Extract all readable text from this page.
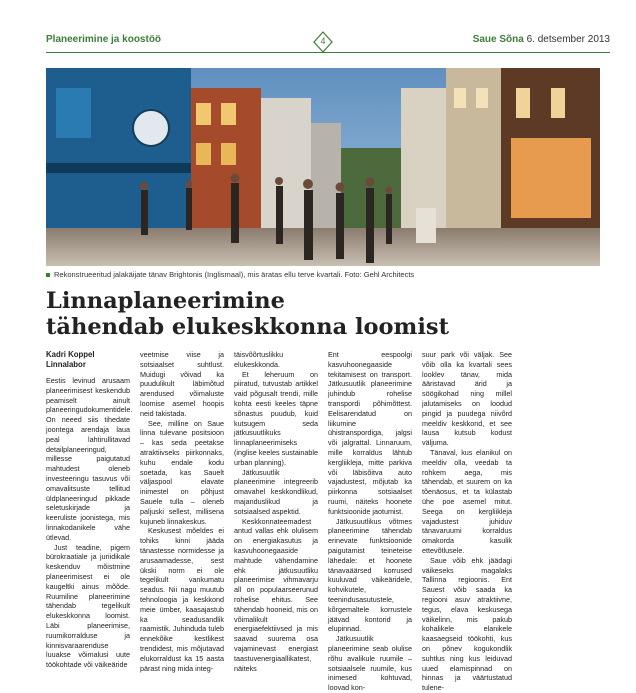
Planeerimine ja koostöö	4	Saue Sõna 6. detsember 2013
Rekonstrueeritud jalakäijate tänav Brightonis (Inglismaal), mis äratas ellu terve kvartali. Foto: Gehl Architects
Linnaplaneerimine
tähendab elukeskkonna loomist
Kadri Koppel
Linnalabor

Eestis levinud arusaam planeerimisest keskendub peamiselt ainult planeeringudokumentidele. On neeed siis tihedate joontega arendaja laua peal lahtirullitavad detailplaneeringud, millesse paigutatud mahtudest oleneb investeeringu tasuvus või omavalitsuste tellitud üldplaneeringud pikkade seletuskirjade ja keeruliste joonistega, mis linnakodanikele vähe ütlevad.

Just teadine, pigem bürokraatiale ja juriidikale keskenduv mõistmine planeerimisest ei ole kaugeltki ainus mõõde. Ruumiline planeerimine tähendab tegelikult elukeskkonna loomist. Läbi planeerimise, ruumikorralduse ja kinnisvaraarenduse luuakse võimalusi uute töökohtade või väikeäride

veetmise viise ja sotsiaalset suhtlust. Muidugi võivad ka puudulikult läbimõtud arendused võimaluste loomise asemel hoopis neid takistada.

See, milline on Saue linna tulevane positsioon – kas seda peetakse atraktiivseks piirkonnaks, kuhu endale kodu soetada, kas Sauelt väljaspool elavate inimestel on põhjust Sauele tulla – oleneb paljuski sellest, millisena kujuneb linnakeskus.

Keskusest mõeldes ei tohiks kinni jääda tänastesse normidesse ja arusaamadesse, sest ükski norm ei ole tegelikult vankumatu seadus. Nii nagu muutub tehnoloogia ja keskkond meie ümber, kaasajastub ka seadusandlik raamistik. Juhinduda tuleb ennekõike kestlikest trendidest, mis mõjutavad elukorraldust ka 15 aasta pärast ning mida integ-

täisvõõrtuslikku elukeskkonda.

Et leheruum on piiratud, tutvustab artikkel vaid põgusalt trendi, mille kohta eesti keeles täpne sõnastus puudub, kuid kutsugem seda jätkusuutlikuks linnaplaneerimiseks (inglise keeles sustainable urban planning).

Jätkusuutlik planeerimine integreerib omavahel keskkondlikud, majanduslikud ja sotsiaalsed aspektid.

Keskkonnateemadest antud vallas ehk olulisem on energiakasutus ja kasvuhoonegaaside mahtude vähendamine ehk jätkusuutliku planeerimise vihmavarju all on populaarseerunud rohelise ehitus. See tähendab hooneid, mis on võimalikult energiaefektiivsed ja mis saavad suurema osa vajaminevast energiast taastuvenergiaallikatest, näiteks

Ent eespoolgi kasvuhoonegaaside tekitamisest on transport. Jätkusuutlik planeerimine juhindub rohelise transpordi põhimõttest. Eelisarendatud on liikumine ühistranspordiga, jalgsi või jalgrattal. Linnaruum, mille korraldus lähtub kergliikleja, mitte parkiva või läbisõitva auto vajadustest, mõjutab ka piirkonna sotsiaalset ruumi, näiteks hoonete funktsioonide jaotumist.

Jätkusuutlikus võtmes planeerimine tähendab erinevate funktsioonide paigutamist teineteise lähedale: et hoonete tänavaäärsed korrused kuuluvad väikeäridele, kohvikutele, teenindusasutustele, kõrgemaltele korrustele jäävad kontorid ja elupinnad.

Jätkusuutlik planeerimine seab olulise rõhu avalikule ruumile – sotsiaalsele ruumile, kus inimesed kohtuvad, loovad kon-

suur park või väljak. See võib olla ka kvartali sees looklev tänav, mida ääristavad ärid ja söögikohad ning millel jalutamiseks on loodud pingid ja puudega niivõrd meeldiv keskkond, et see lausa kutsub kodust väljuma.

Tänaval, kus elanikul on meeldiv olla, veedab ta rohkem aega, mis tähendab, et suurem on ka tõenäosus, et ta külastab ühe poe asemel mitut. Seega on kergliikleja vajadustest juhiduv tänavaruumi korraldus omakorda kasulik ettevõtlusele.

Saue võib ehk jäädagi väikeseks magalaks Tallinna regioonis. Ent Sauest võib saada ka regiooni asuv atraktiivne, tegus, elava keskusega väikelinn, mis pakub kohalikele elanikele kaasaegseid töökohti, kus on põnev kogukondlik suhtlus ning kus leiduvad uued elamispinnad on hinnas ja väärtustatud tulene-
